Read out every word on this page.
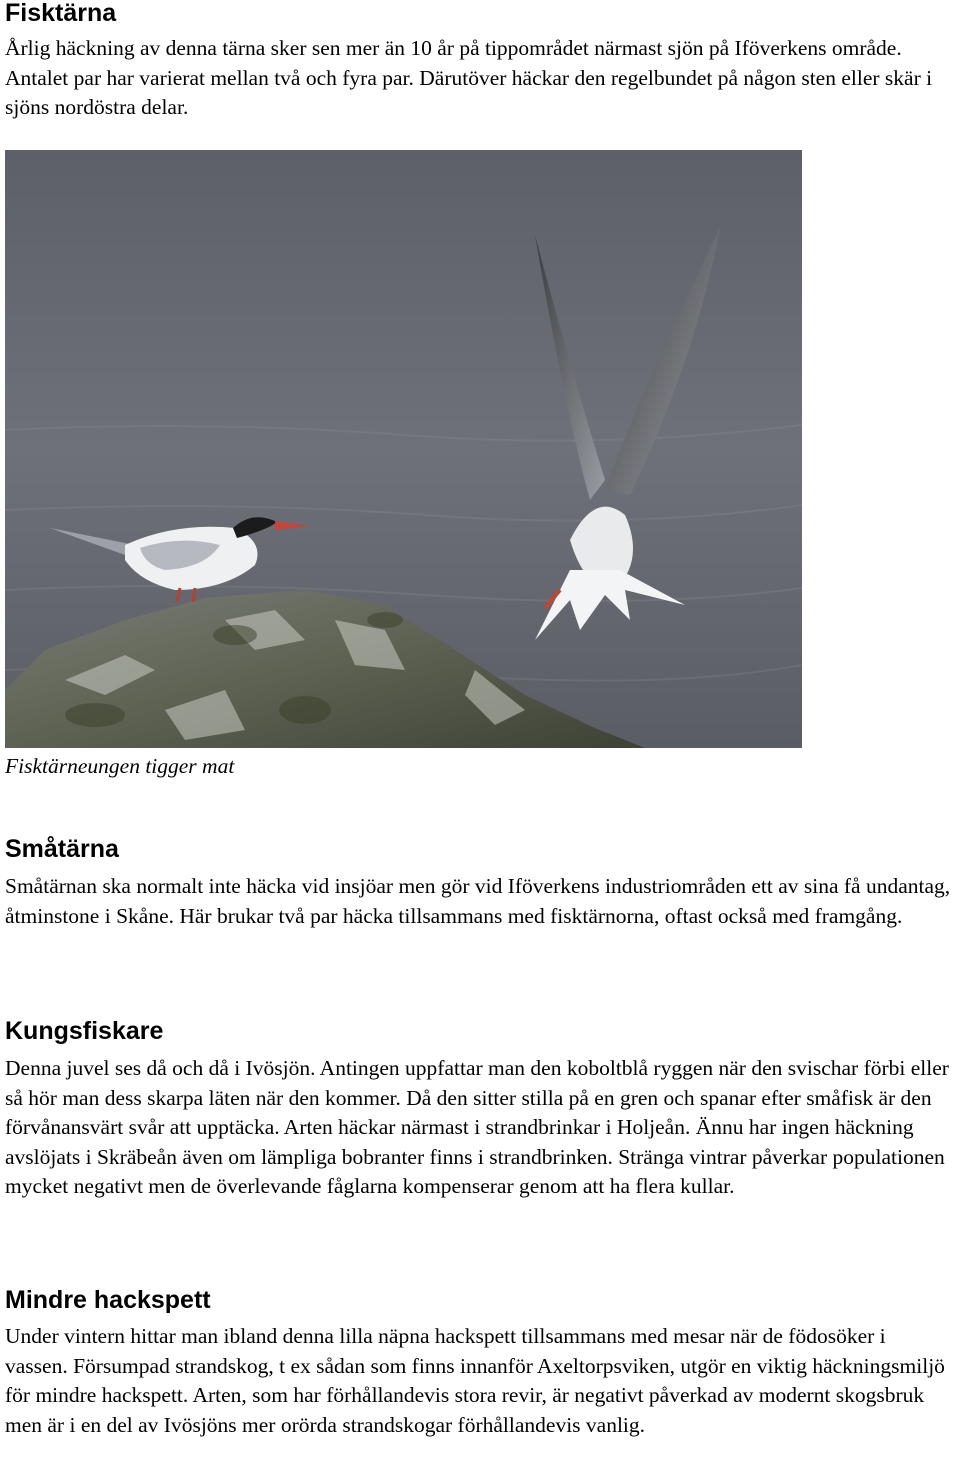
Fisktärna

Årlig häckning av denna tärna sker sen mer än 10 år på tippområdet närmast sjön på Iföverkens område. Antalet par har varierat mellan två och fyra par. Därutöver häckar den regelbundet på någon sten eller skär i sjöns nordöstra delar.

Fisktärneungen tigger mat
Småtärna

Småtärnan ska normalt inte häcka vid insjöar men gör vid Iföverkens industriområden ett av sina få undantag, åtminstone i Skåne. Här brukar två par häcka tillsammans med fisktärnorna, oftast också med framgång.

Kungsfiskare

Denna juvel ses då och då i Ivösjön. Antingen uppfattar man den koboltblå ryggen när den svischar förbi eller så hör man dess skarpa läten när den kommer. Då den sitter stilla på en gren och spanar efter småfisk är den förvånansvärt svår att upptäcka. Arten häckar närmast i strandbrinkar i Holjeån. Ännu har ingen häckning avslöjats i Skräbeån även om lämpliga bobranter finns i strandbrinken. Stränga vintrar påverkar populationen mycket negativt men de överlevande fåglarna kompenserar genom att ha flera kullar.

Mindre hackspett

Under vintern hittar man ibland denna lilla näpna hackspett tillsammans med mesar när de födosöker i vassen. Försumpad strandskog, t ex sådan som finns innanför Axeltorpsviken, utgör en viktig häckningsmiljö för mindre hackspett. Arten, som har förhållandevis stora revir, är negativt påverkad av modernt skogsbruk men är i en del av Ivösjöns mer orörda strandskogar förhållandevis vanlig.
